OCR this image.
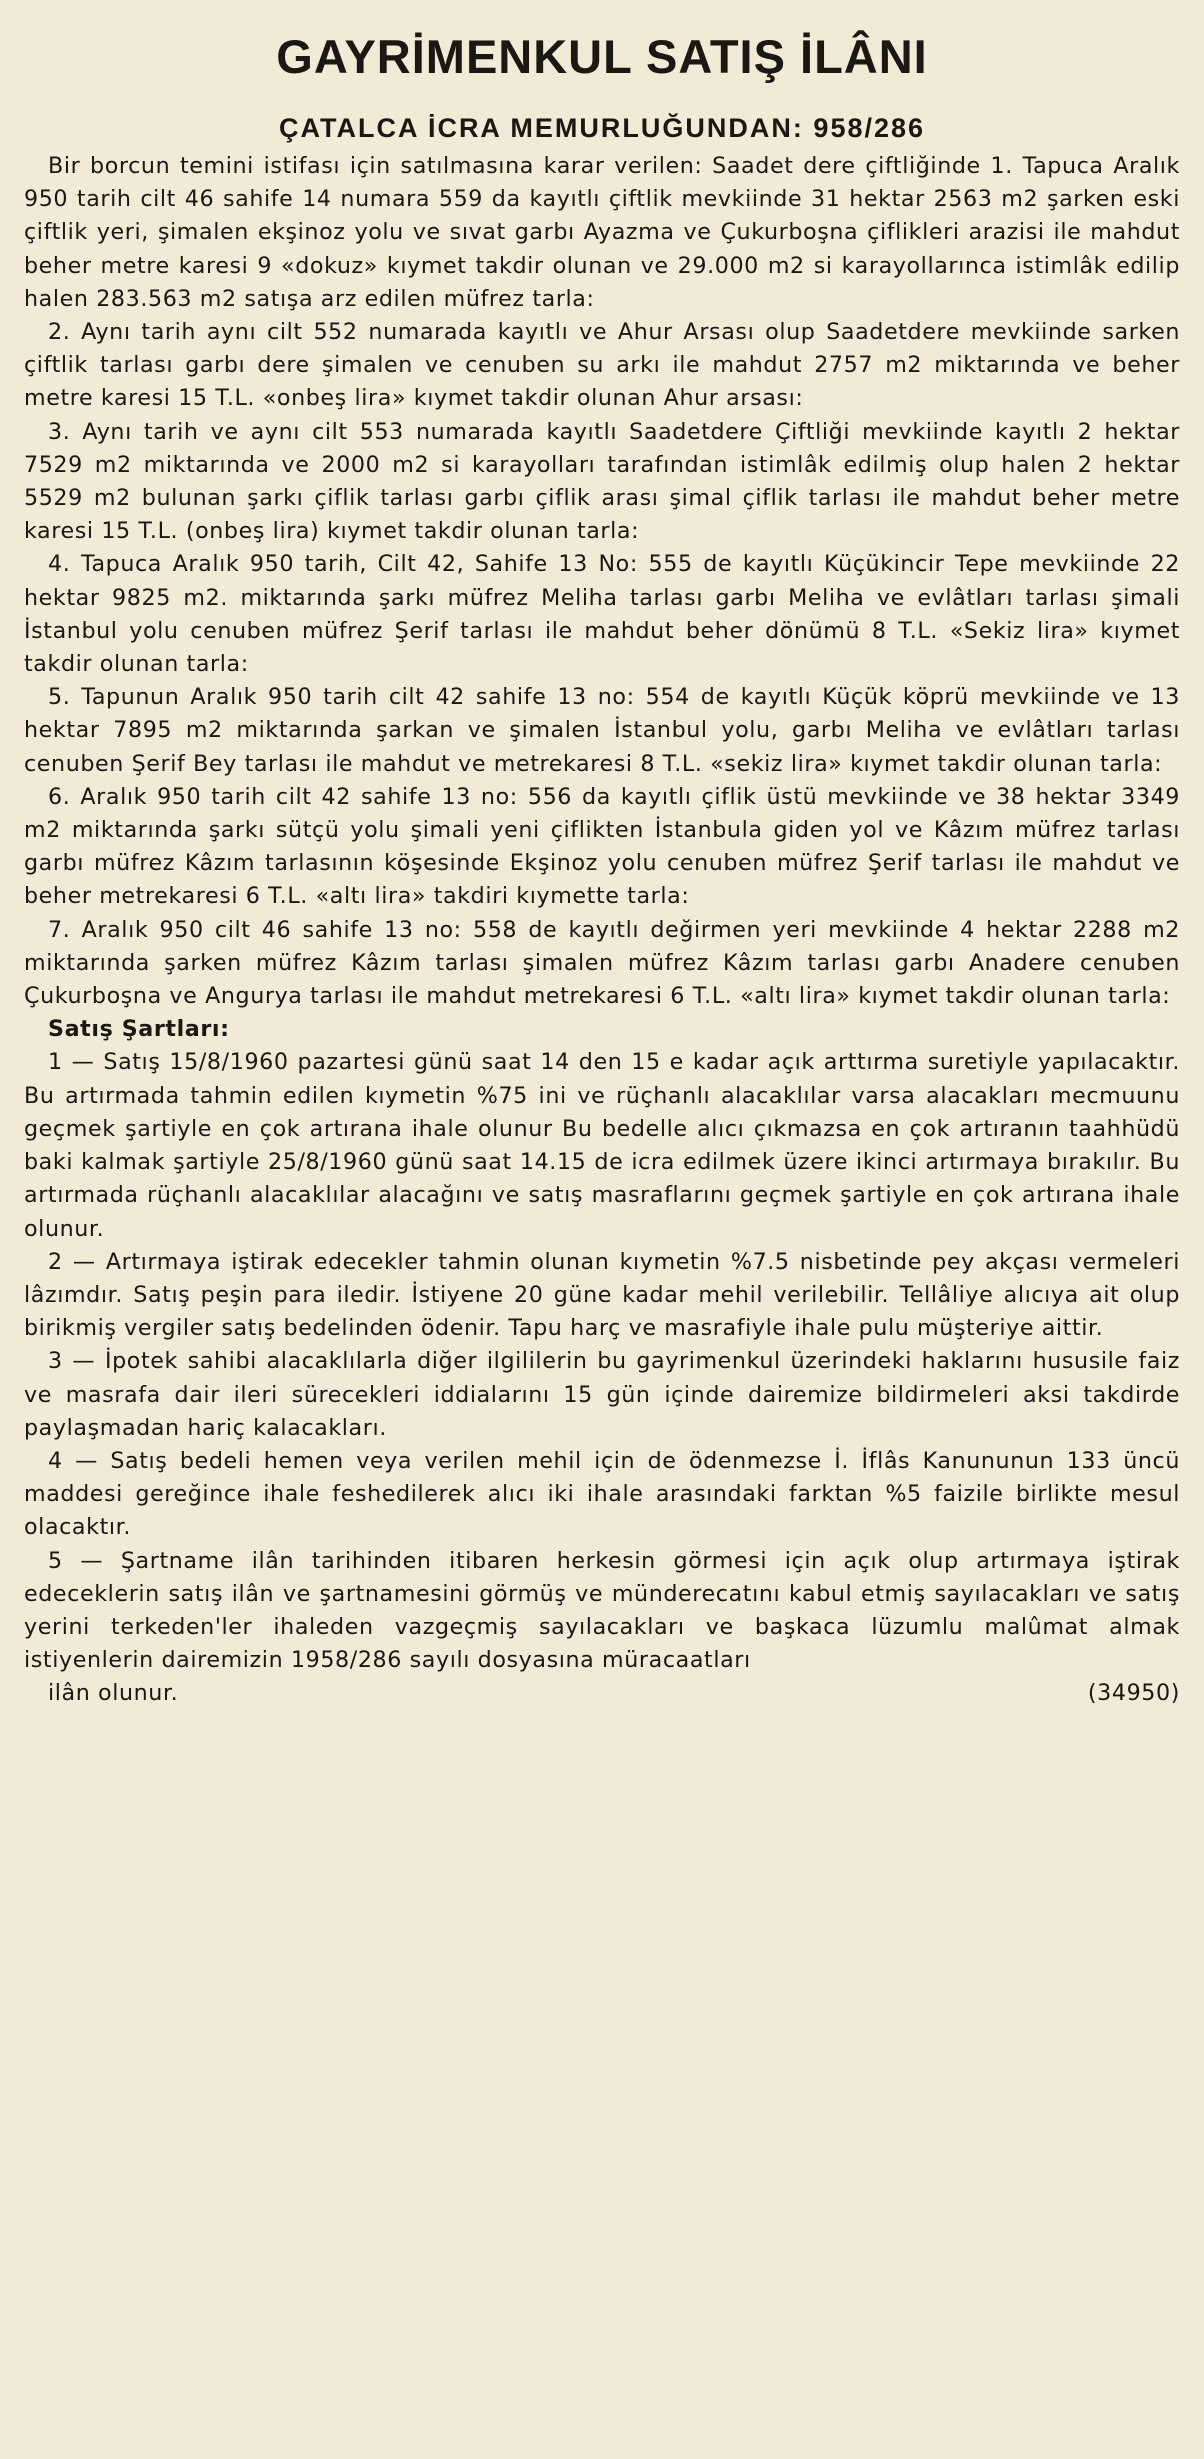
GAYRİMENKUL SATIŞ İLÂNI
ÇATALCA İCRA MEMURLUĞUNDAN: 958/286

Bir borcun temini istifası için satılmasına karar verilen: Saadet dere çiftliğinde 1. Tapuca Aralık 950 tarih cilt 46 sahife 14 numara 559 da kayıtlı çiftlik mevkiinde 31 hektar 2563 m2 şarken eski çiftlik yeri, şimalen ekşinoz yolu ve sıvat garbı Ayazma ve Çukurboşna çiflikleri arazisi ile mahdut beher metre karesi 9 «dokuz» kıymet takdir olunan ve 29.000 m2 si karayollarınca istimlâk edilip halen 283.563 m2 satışa arz edilen müfrez tarla:

2. Aynı tarih aynı cilt 552 numarada kayıtlı ve Ahur Arsası olup Saadetdere mevkiinde sarken çiftlik tarlası garbı dere şimalen ve cenuben su arkı ile mahdut 2757 m2 miktarında ve beher metre karesi 15 T.L. «onbeş lira» kıymet takdir olunan Ahur arsası:

3. Aynı tarih ve aynı cilt 553 numarada kayıtlı Saadetdere Çiftliği mevkiinde kayıtlı 2 hektar 7529 m2 miktarında ve 2000 m2 si karayolları tarafından istimlâk edilmiş olup halen 2 hektar 5529 m2 bulunan şarkı çiflik tarlası garbı çiflik arası şimal çiflik tarlası ile mahdut beher metre karesi 15 T.L. (onbeş lira) kıymet takdir olunan tarla:

4. Tapuca Aralık 950 tarih, Cilt 42, Sahife 13 No: 555 de kayıtlı Küçükincir Tepe mevkiinde 22 hektar 9825 m2. miktarında şarkı müfrez Meliha tarlası garbı Meliha ve evlâtları tarlası şimali İstanbul yolu cenuben müfrez Şerif tarlası ile mahdut beher dönümü 8 T.L. «Sekiz lira» kıymet takdir olunan tarla:

5. Tapunun Aralık 950 tarih cilt 42 sahife 13 no: 554 de kayıtlı Küçük köprü mevkiinde ve 13 hektar 7895 m2 miktarında şarkan ve şimalen İstanbul yolu, garbı Meliha ve evlâtları tarlası cenuben Şerif Bey tarlası ile mahdut ve metrekaresi 8 T.L. «sekiz lira» kıymet takdir olunan tarla:

6. Aralık 950 tarih cilt 42 sahife 13 no: 556 da kayıtlı çiflik üstü mevkiinde ve 38 hektar 3349 m2 miktarında şarkı sütçü yolu şimali yeni çiflikten İstanbula giden yol ve Kâzım müfrez tarlası garbı müfrez Kâzım tarlasının köşesinde Ekşinoz yolu cenuben müfrez Şerif tarlası ile mahdut ve beher metrekaresi 6 T.L. «altı lira» takdiri kıymette tarla:

7. Aralık 950 cilt 46 sahife 13 no: 558 de kayıtlı değirmen yeri mevkiinde 4 hektar 2288 m2 miktarında şarken müfrez Kâzım tarlası şimalen müfrez Kâzım tarlası garbı Anadere cenuben Çukurboşna ve Angurya tarlası ile mahdut metrekaresi 6 T.L. «altı lira» kıymet takdir olunan tarla:

Satış Şartları:

1 — Satış 15/8/1960 pazartesi günü saat 14 den 15 e kadar açık arttırma suretiyle yapılacaktır. Bu artırmada tahmin edilen kıymetin %75 ini ve rüçhanlı alacaklılar varsa alacakları mecmuunu geçmek şartiyle en çok artırana ihale olunur Bu bedelle alıcı çıkmazsa en çok artıranın taahhüdü baki kalmak şartiyle 25/8/1960 günü saat 14.15 de icra edilmek üzere ikinci artırmaya bırakılır. Bu artırmada rüçhanlı alacaklılar alacağını ve satış masraflarını geçmek şartiyle en çok artırana ihale olunur.

2 — Artırmaya iştirak edecekler tahmin olunan kıymetin %7.5 nisbetinde pey akçası vermeleri lâzımdır. Satış peşin para iledir. İstiyene 20 güne kadar mehil verilebilir. Tellâliye alıcıya ait olup birikmiş vergiler satış bedelinden ödenir. Tapu harç ve masrafiyle ihale pulu müşteriye aittir.

3 — İpotek sahibi alacaklılarla diğer ilgililerin bu gayrimenkul üzerindeki haklarını hususile faiz ve masrafa dair ileri sürecekleri iddialarını 15 gün içinde dairemize bildirmeleri aksi takdirde paylaşmadan hariç kalacakları.

4 — Satış bedeli hemen veya verilen mehil için de ödenmezse İ. İflâs Kanununun 133 üncü maddesi gereğince ihale feshedilerek alıcı iki ihale arasındaki farktan %5 faizile birlikte mesul olacaktır.

5 — Şartname ilân tarihinden itibaren herkesin görmesi için açık olup artırmaya iştirak edeceklerin satış ilân ve şartnamesini görmüş ve münderecatını kabul etmiş sayılacakları ve satış yerini terkeden'ler ihaleden vazgeçmiş sayılacakları ve başkaca lüzumlu malûmat almak istiyenlerin dairemizin 1958/286 sayılı dosyasına müracaatları

ilân olunur.	(34950)
